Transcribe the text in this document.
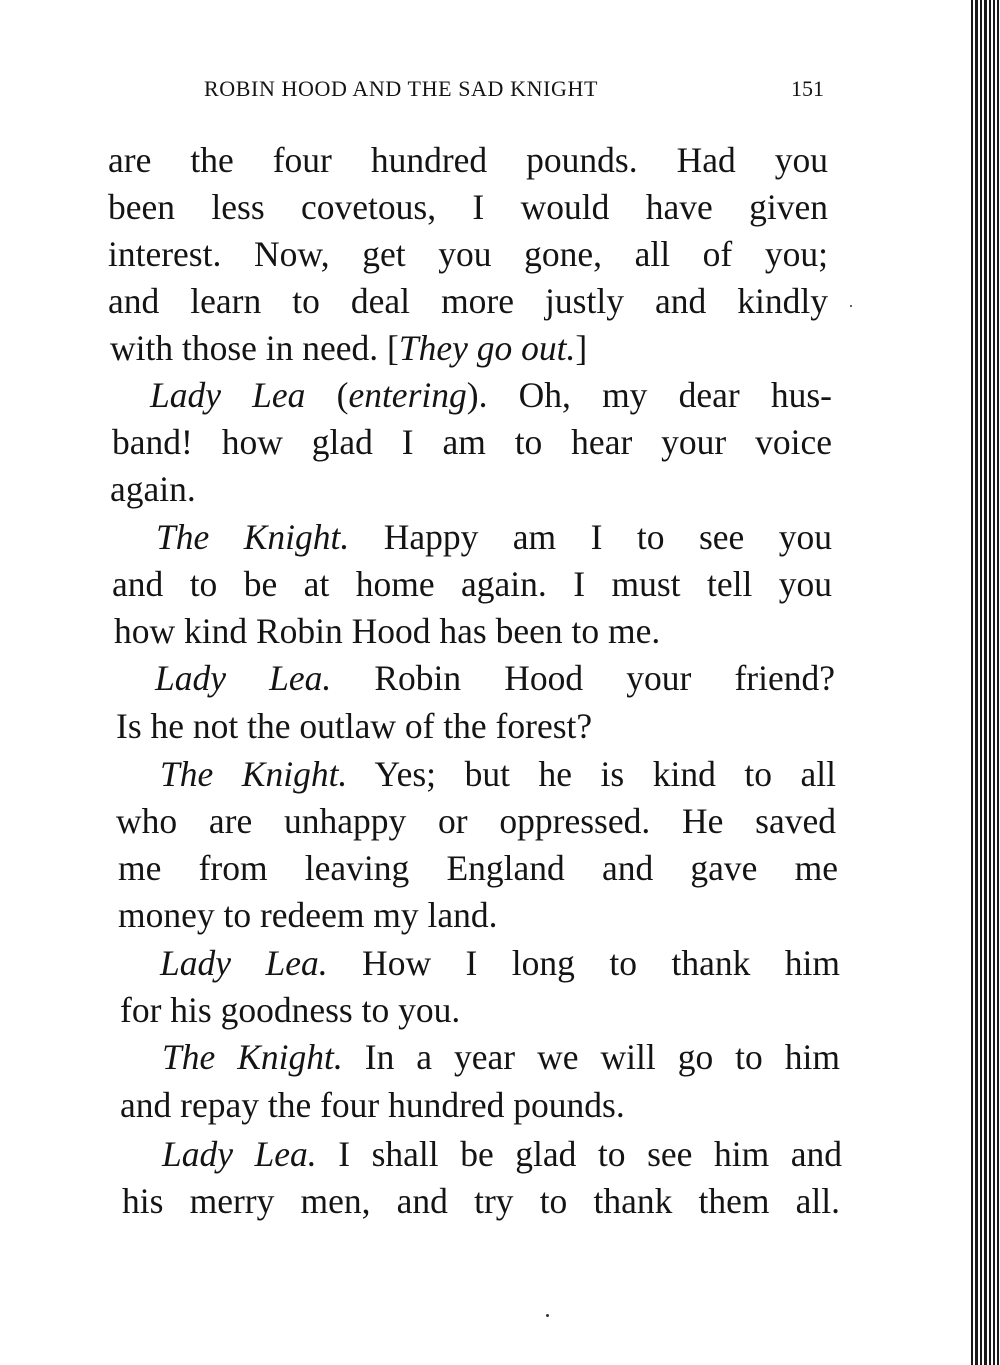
ROBIN HOOD AND THE SAD KNIGHT	151
are the four hundred pounds. Had you
been less covetous, I would have given
interest. Now, get you gone, all of you;
and learn to deal more justly and kindly
with those in need. [They go out.]
Lady Lea (entering). Oh, my dear hus-
band! how glad I am to hear your voice
again.
The Knight. Happy am I to see you
and to be at home again. I must tell you
how kind Robin Hood has been to me.
Lady Lea. Robin Hood your friend?
Is he not the outlaw of the forest?
The Knight. Yes; but he is kind to all
who are unhappy or oppressed. He saved
me from leaving England and gave me
money to redeem my land.
Lady Lea. How I long to thank him
for his goodness to you.
The Knight. In a year we will go to him
and repay the four hundred pounds.
Lady Lea. I shall be glad to see him and
his merry men, and try to thank them all.
